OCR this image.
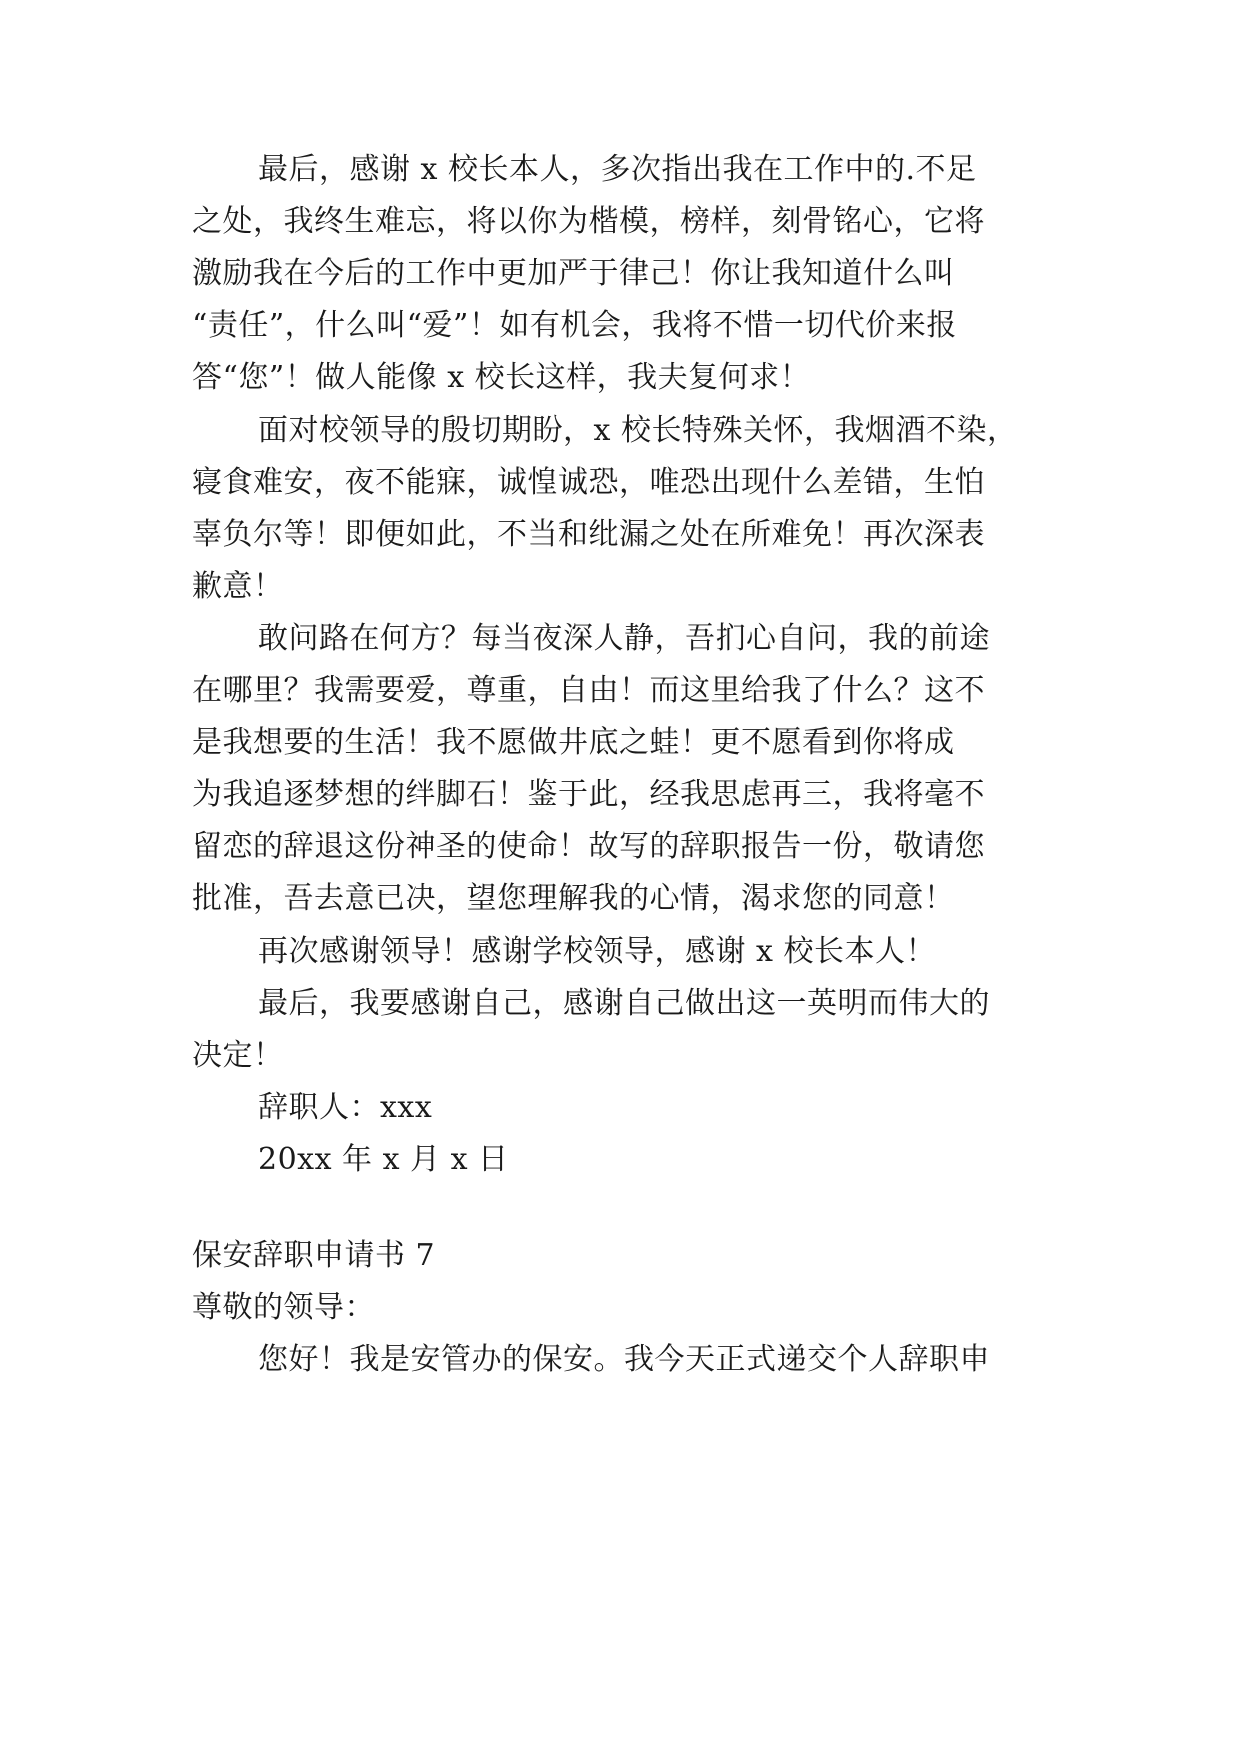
最后，感谢 x 校长本人，多次指出我在工作中的.不足
之处，我终生难忘，将以你为楷模，榜样，刻骨铭心，它将
激励我在今后的工作中更加严于律己！你让我知道什么叫
“责任”，什么叫“爱”！如有机会，我将不惜一切代价来报
答“您”！做人能像 x 校长这样，我夫复何求！
面对校领导的殷切期盼，x 校长特殊关怀，我烟酒不染，
寝食难安，夜不能寐，诚惶诚恐，唯恐出现什么差错，生怕
辜负尔等！即便如此，不当和纰漏之处在所难免！再次深表
歉意！
敢问路在何方？每当夜深人静，吾扪心自问，我的前途
在哪里？我需要爱，尊重，自由！而这里给我了什么？这不
是我想要的生活！我不愿做井底之蛙！更不愿看到你将成
为我追逐梦想的绊脚石！鉴于此，经我思虑再三，我将毫不
留恋的辞退这份神圣的使命！故写的辞职报告一份，敬请您
批准，吾去意已决，望您理解我的心情，渴求您的同意！
再次感谢领导！感谢学校领导，感谢 x 校长本人！
最后，我要感谢自己，感谢自己做出这一英明而伟大的
决定！
辞职人：xxx
20xx 年 x 月 x 日
保安辞职申请书 7
尊敬的领导：
您好！我是安管办的保安。我今天正式递交个人辞职申
